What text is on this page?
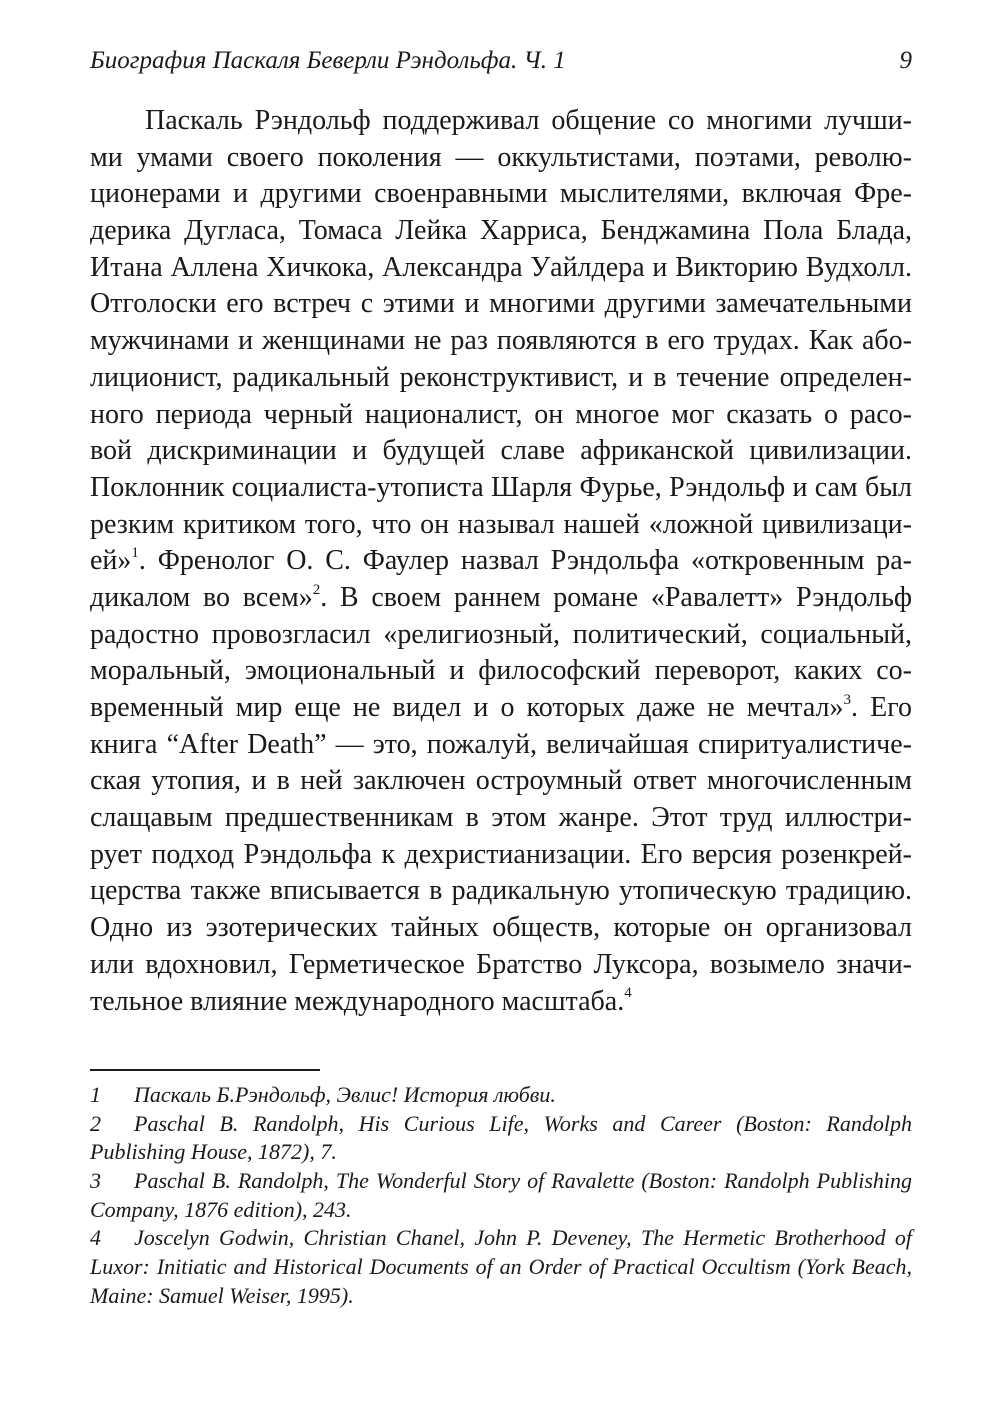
Биография Паскаля Беверли Рэндольфа. Ч. 1	9
Паскаль Рэндольф поддерживал общение со многими лучши-
ми умами своего поколения — оккультистами, поэтами, револю-
ционерами и другими своенравными мыслителями, включая Фре-
дерика Дугласа, Томаса Лейка Харриса, Бенджамина Пола Блада,
Итана Аллена Хичкока, Александра Уайлдера и Викторию Вудхолл.
Отголоски его встреч с этими и многими другими замечательными
мужчинами и женщинами не раз появляются в его трудах. Как або-
лиционист, радикальный реконструктивист, и в течение определен-
ного периода черный националист, он многое мог сказать о расо-
вой дискриминации и будущей славе африканской цивилизации.
Поклонник социалиста-утописта Шарля Фурье, Рэндольф и сам был
резким критиком того, что он называл нашей «ложной цивилизаци-
ей»$^1$. Френолог О. С. Фаулер назвал Рэндольфа «откровенным ра-
дикалом во всем»$^2$. В своем раннем романе «Равалетт» Рэндольф
радостно провозгласил «религиозный, политический, социальный,
моральный, эмоциональный и философский переворот, каких со-
временный мир еще не видел и о которых даже не мечтал»$^3$. Его
книга “After Death” — это, пожалуй, величайшая спиритуалистиче-
ская утопия, и в ней заключен остроумный ответ многочисленным
слащавым предшественникам в этом жанре. Этот труд иллюстри-
рует подход Рэндольфа к дехристианизации. Его версия розенкрей-
церства также вписывается в радикальную утопическую традицию.
Одно из эзотерических тайных обществ, которые он организовал
или вдохновил, Герметическое Братство Луксора, возымело значи-
тельное влияние международного масштаба.$^4$
1 Паскаль Б.Рэндольф, Эвлис! История любви.
2 Paschal B. Randolph, His Curious Life, Works and Career (Boston: Randolph
Publishing House, 1872), 7.
3 Paschal B. Randolph, The Wonderful Story of Ravalette (Boston: Randolph Publishing
Company, 1876 edition), 243.
4 Joscelyn Godwin, Christian Chanel, John P. Deveney, The Hermetic Brotherhood of
Luxor: Initiatic and Historical Documents of an Order of Practical Occultism (York Beach,
Maine: Samuel Weiser, 1995).
